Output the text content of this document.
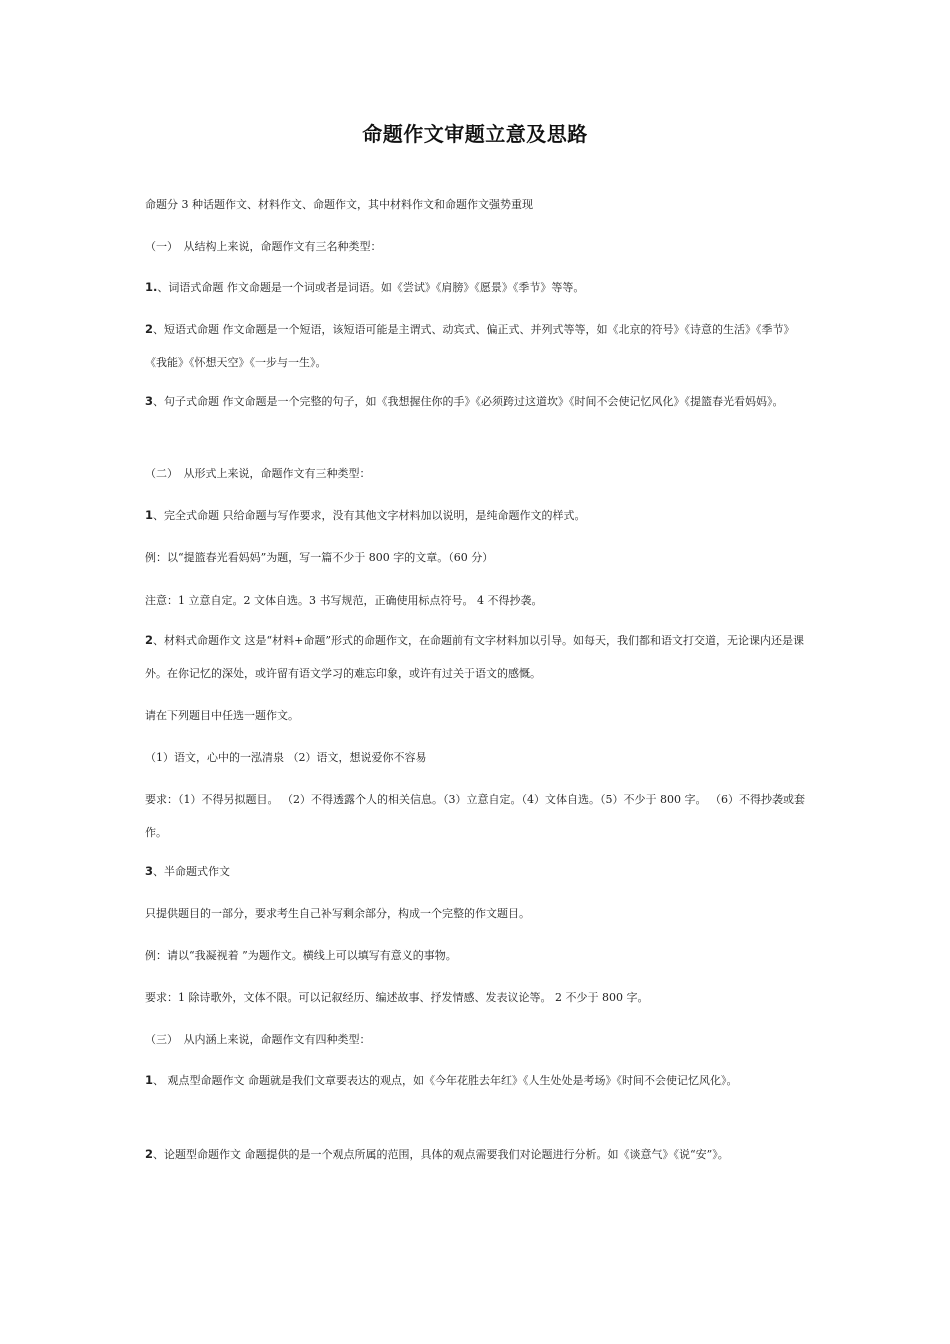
命题作文审题立意及思路
命题分 3 种话题作文、材料作文、命题作文，其中材料作文和命题作文强势重现
（一）　从结构上来说，命题作文有三名种类型：
1.、词语式命题 作文命题是一个词或者是词语。如《尝试》《肩膀》《愿景》《季节》等等。
2、短语式命题 作文命题是一个短语，该短语可能是主谓式、动宾式、偏正式、并列式等等，如《北京的符号》《诗意的生活》《季节》《我能》《怀想天空》《一步与一生》。
3、句子式命题 作文命题是一个完整的句子，如《我想握住你的手》《必须跨过这道坎》《时间不会使记忆风化》《提篮春光看妈妈》。
（二）　从形式上来说，命题作文有三种类型：
1、完全式命题 只给命题与写作要求，没有其他文字材料加以说明，是纯命题作文的样式。
例：以“提篮春光看妈妈”为题，写一篇不少于 800 字的文章。（60 分）
注意：1 立意自定。2 文体自选。3 书写规范，正确使用标点符号。 4 不得抄袭。
2、材料式命题作文 这是“材料+命题”形式的命题作文，在命题前有文字材料加以引导。如每天，我们都和语文打交道，无论课内还是课外。在你记忆的深处，或许留有语文学习的难忘印象，或许有过关于语文的感慨。
请在下列题目中任选一题作文。
（1）语文，心中的一泓清泉 （2）语文，想说爱你不容易
要求：（1）不得另拟题目。 （2）不得透露个人的相关信息。（3）立意自定。（4）文体自选。（5）不少于 800 字。 （6）不得抄袭或套作。
3、半命题式作文
只提供题目的一部分，要求考生自己补写剩余部分，构成一个完整的作文题目。
例：请以“我凝视着 ”为题作文。横线上可以填写有意义的事物。
要求：1 除诗歌外，文体不限。可以记叙经历、编述故事、抒发情感、发表议论等。 2 不少于 800 字。
（三）　从内涵上来说，命题作文有四种类型：
1、 观点型命题作文 命题就是我们文章要表达的观点，如《今年花胜去年红》《人生处处是考场》《时间不会使记忆风化》。
2、论题型命题作文 命题提供的是一个观点所属的范围，具体的观点需要我们对论题进行分析。如《谈意气》《说“安”》。
